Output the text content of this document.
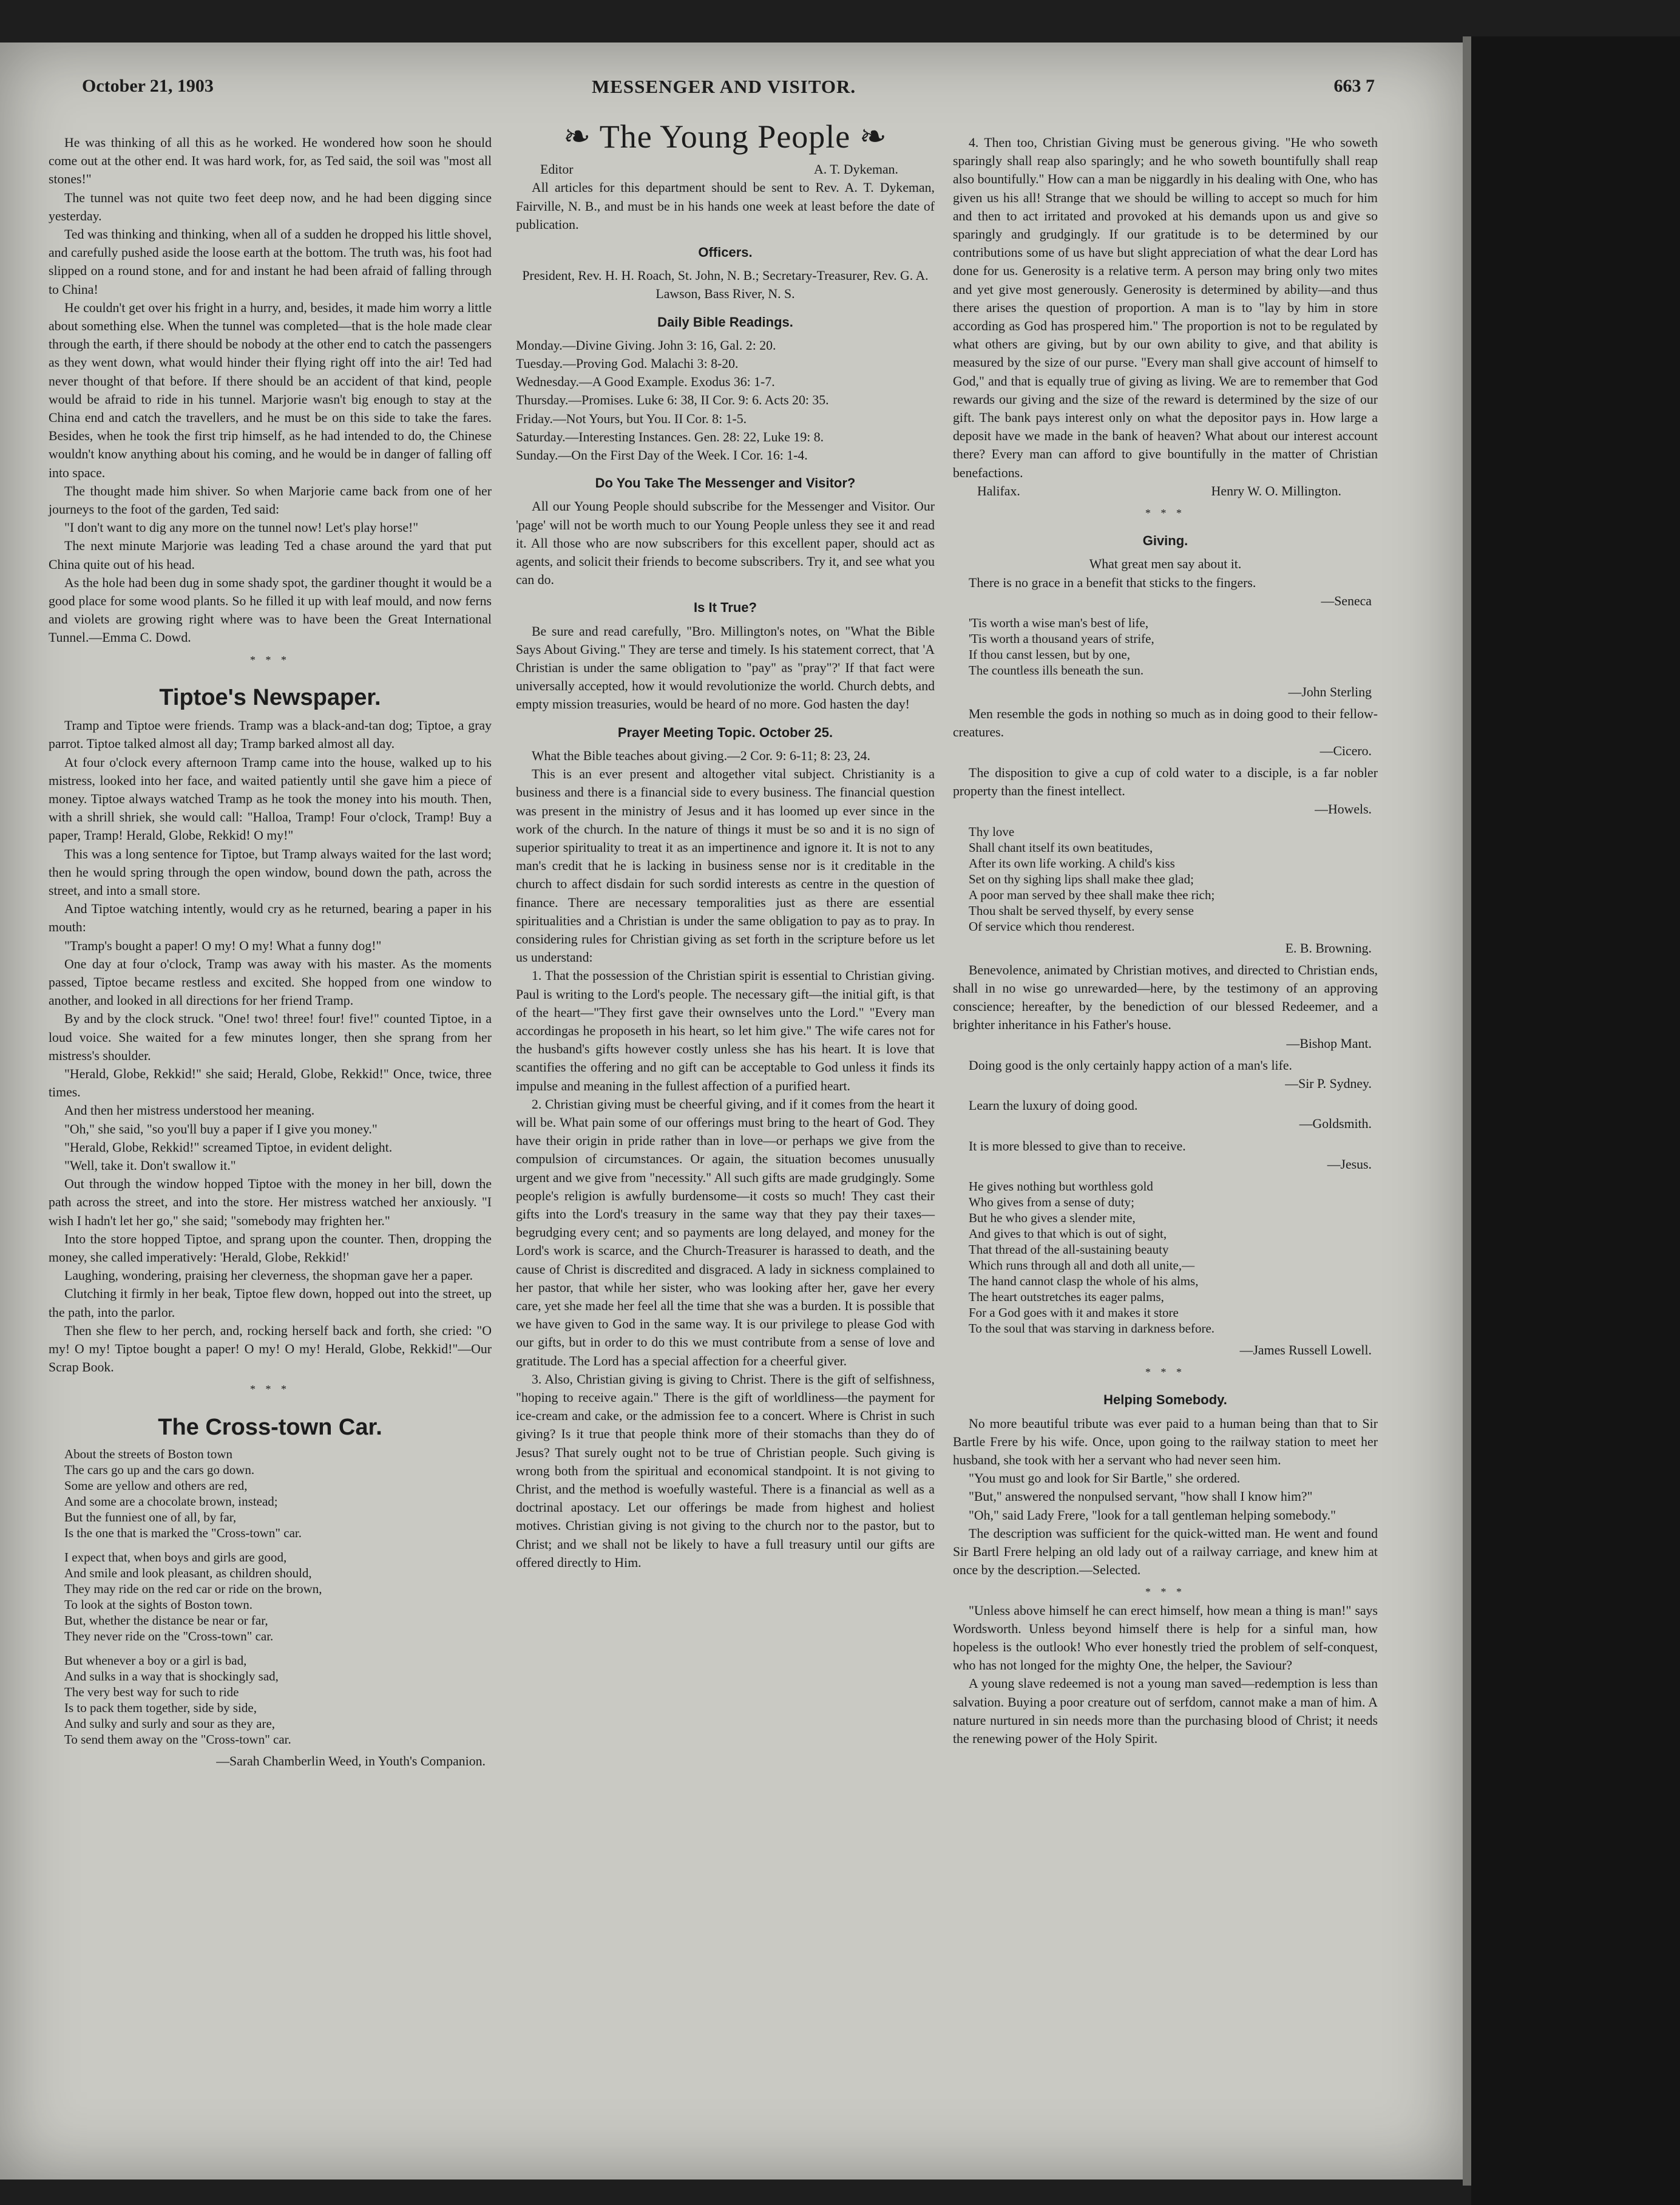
October 21, 1903	MESSENGER AND VISITOR.	663 7

He was thinking of all this as he worked. He wondered how soon he should come out at the other end. It was hard work, for, as Ted said, the soil was "most all stones!"

The tunnel was not quite two feet deep now, and he had been digging since yesterday.

Ted was thinking and thinking, when all of a sudden he dropped his little shovel, and carefully pushed aside the loose earth at the bottom. The truth was, his foot had slipped on a round stone, and for and instant he had been afraid of falling through to China!

He couldn't get over his fright in a hurry, and, besides, it made him worry a little about something else. When the tunnel was completed—that is the hole made clear through the earth, if there should be nobody at the other end to catch the passengers as they went down, what would hinder their flying right off into the air! Ted had never thought of that before. If there should be an accident of that kind, people would be afraid to ride in his tunnel. Marjorie wasn't big enough to stay at the China end and catch the travellers, and he must be on this side to take the fares. Besides, when he took the first trip himself, as he had intended to do, the Chinese wouldn't know anything about his coming, and he would be in danger of falling off into space.

The thought made him shiver. So when Marjorie came back from one of her journeys to the foot of the garden, Ted said:

"I don't want to dig any more on the tunnel now! Let's play horse!"

The next minute Marjorie was leading Ted a chase around the yard that put China quite out of his head.

As the hole had been dug in some shady spot, the gardiner thought it would be a good place for some wood plants. So he filled it up with leaf mould, and now ferns and violets are growing right where was to have been the Great International Tunnel.—Emma C. Dowd.

* * *
Tiptoe's Newspaper.

Tramp and Tiptoe were friends. Tramp was a black-and-tan dog; Tiptoe, a gray parrot. Tiptoe talked almost all day; Tramp barked almost all day.

At four o'clock every afternoon Tramp came into the house, walked up to his mistress, looked into her face, and waited patiently until she gave him a piece of money. Tiptoe always watched Tramp as he took the money into his mouth. Then, with a shrill shriek, she would call: "Halloa, Tramp! Four o'clock, Tramp! Buy a paper, Tramp! Herald, Globe, Rekkid! O my!"

This was a long sentence for Tiptoe, but Tramp always waited for the last word; then he would spring through the open window, bound down the path, across the street, and into a small store.

And Tiptoe watching intently, would cry as he returned, bearing a paper in his mouth:

"Tramp's bought a paper! O my! O my! What a funny dog!"

One day at four o'clock, Tramp was away with his master. As the moments passed, Tiptoe became restless and excited. She hopped from one window to another, and looked in all directions for her friend Tramp.

By and by the clock struck. "One! two! three! four! five!" counted Tiptoe, in a loud voice. She waited for a few minutes longer, then she sprang from her mistress's shoulder.

"Herald, Globe, Rekkid!" she said; Herald, Globe, Rekkid!" Once, twice, three times.

And then her mistress understood her meaning.

"Oh," she said, "so you'll buy a paper if I give you money."

"Herald, Globe, Rekkid!" screamed Tiptoe, in evident delight.

"Well, take it. Don't swallow it."

Out through the window hopped Tiptoe with the money in her bill, down the path across the street, and into the store. Her mistress watched her anxiously. "I wish I hadn't let her go," she said; "somebody may frighten her."

Into the store hopped Tiptoe, and sprang upon the counter. Then, dropping the money, she called imperatively: 'Herald, Globe, Rekkid!'

Laughing, wondering, praising her cleverness, the shopman gave her a paper.

Clutching it firmly in her beak, Tiptoe flew down, hopped out into the street, up the path, into the parlor.

Then she flew to her perch, and, rocking herself back and forth, she cried: "O my! O my! Tiptoe bought a paper! O my! O my! Herald, Globe, Rekkid!"—Our Scrap Book.

* * *
The Cross-town Car.
About the streets of Boston town
The cars go up and the cars go down.
Some are yellow and others are red,
And some are a chocolate brown, instead;
But the funniest one of all, by far,
Is the one that is marked the "Cross-town" car.
I expect that, when boys and girls are good,
And smile and look pleasant, as children should,
They may ride on the red car or ride on the brown,
To look at the sights of Boston town.
But, whether the distance be near or far,
They never ride on the "Cross-town" car.
But whenever a boy or a girl is bad,
And sulks in a way that is shockingly sad,
The very best way for such to ride
Is to pack them together, side by side,
And sulky and surly and sour as they are,
To send them away on the "Cross-town" car.
—Sarah Chamberlin Weed, in Youth's Companion.
❧ The Young People ❧
Editor	A. T. Dykeman.

All articles for this department should be sent to Rev. A. T. Dykeman, Fairville, N. B., and must be in his hands one week at least before the date of publication.

Officers.

President, Rev. H. H. Roach, St. John, N. B.; Secretary-Treasurer, Rev. G. A. Lawson, Bass River, N. S.

Daily Bible Readings.

Monday.—Divine Giving. John 3: 16, Gal. 2: 20.

Tuesday.—Proving God. Malachi 3: 8-20.

Wednesday.—A Good Example. Exodus 36: 1-7.

Thursday.—Promises. Luke 6: 38, II Cor. 9: 6. Acts 20: 35.

Friday.—Not Yours, but You. II Cor. 8: 1-5.

Saturday.—Interesting Instances. Gen. 28: 22, Luke 19: 8.

Sunday.—On the First Day of the Week. I Cor. 16: 1-4.

Do You Take The Messenger and Visitor?

All our Young People should subscribe for the Messenger and Visitor. Our 'page' will not be worth much to our Young People unless they see it and read it. All those who are now subscribers for this excellent paper, should act as agents, and solicit their friends to become subscribers. Try it, and see what you can do.

Is It True?

Be sure and read carefully, "Bro. Millington's notes, on "What the Bible Says About Giving." They are terse and timely. Is his statement correct, that 'A Christian is under the same obligation to "pay" as "pray"?' If that fact were universally accepted, how it would revolutionize the world. Church debts, and empty mission treasuries, would be heard of no more. God hasten the day!

Prayer Meeting Topic. October 25.

What the Bible teaches about giving.—2 Cor. 9: 6-11; 8: 23, 24.

This is an ever present and altogether vital subject. Christianity is a business and there is a financial side to every business. The financial question was present in the ministry of Jesus and it has loomed up ever since in the work of the church. In the nature of things it must be so and it is no sign of superior spirituality to treat it as an impertinence and ignore it. It is not to any man's credit that he is lacking in business sense nor is it creditable in the church to affect disdain for such sordid interests as centre in the question of finance. There are necessary temporalities just as there are essential spiritualities and a Christian is under the same obligation to pay as to pray. In considering rules for Christian giving as set forth in the scripture before us let us understand:

1. That the possession of the Christian spirit is essential to Christian giving. Paul is writing to the Lord's people. The necessary gift—the initial gift, is that of the heart—"They first gave their ownselves unto the Lord." "Every man accordingas he proposeth in his heart, so let him give." The wife cares not for the husband's gifts however costly unless she has his heart. It is love that scantifies the offering and no gift can be acceptable to God unless it finds its impulse and meaning in the fullest affection of a purified heart.

2. Christian giving must be cheerful giving, and if it comes from the heart it will be. What pain some of our offerings must bring to the heart of God. They have their origin in pride rather than in love—or perhaps we give from the compulsion of circumstances. Or again, the situation becomes unusually urgent and we give from "necessity." All such gifts are made grudgingly. Some people's religion is awfully burdensome—it costs so much! They cast their gifts into the Lord's treasury in the same way that they pay their taxes—begrudging every cent; and so payments are long delayed, and money for the Lord's work is scarce, and the Church-Treasurer is harassed to death, and the cause of Christ is discredited and disgraced. A lady in sickness complained to her pastor, that while her sister, who was looking after her, gave her every care, yet she made her feel all the time that she was a burden. It is possible that we have given to God in the same way. It is our privilege to please God with our gifts, but in order to do this we must contribute from a sense of love and gratitude. The Lord has a special affection for a cheerful giver.

3. Also, Christian giving is giving to Christ. There is the gift of selfishness, "hoping to receive again." There is the gift of worldliness—the payment for ice-cream and cake, or the admission fee to a concert. Where is Christ in such giving? Is it true that people think more of their stomachs than they do of Jesus? That surely ought not to be true of Christian people. Such giving is wrong both from the spiritual and economical standpoint. It is not giving to Christ, and the method is woefully wasteful. There is a financial as well as a doctrinal apostacy. Let our offerings be made from highest and holiest motives. Christian giving is not giving to the church nor to the pastor, but to Christ; and we shall not be likely to have a full treasury until our gifts are offered directly to Him.

4. Then too, Christian Giving must be generous giving. "He who soweth sparingly shall reap also sparingly; and he who soweth bountifully shall reap also bountifully." How can a man be niggardly in his dealing with One, who has given us his all! Strange that we should be willing to accept so much for him and then to act irritated and provoked at his demands upon us and give so sparingly and grudgingly. If our gratitude is to be determined by our contributions some of us have but slight appreciation of what the dear Lord has done for us. Generosity is a relative term. A person may bring only two mites and yet give most generously. Generosity is determined by ability—and thus there arises the question of proportion. A man is to "lay by him in store according as God has prospered him." The proportion is not to be regulated by what others are giving, but by our own ability to give, and that ability is measured by the size of our purse. "Every man shall give account of himself to God," and that is equally true of giving as living. We are to remember that God rewards our giving and the size of the reward is determined by the size of our gift. The bank pays interest only on what the depositor pays in. How large a deposit have we made in the bank of heaven? What about our interest account there? Every man can afford to give bountifully in the matter of Christian benefactions.

Halifax.	Henry W. O. Millington.
* * *
Giving.

What great men say about it.

There is no grace in a benefit that sticks to the fingers.

—Seneca
'Tis worth a wise man's best of life,
'Tis worth a thousand years of strife,
If thou canst lessen, but by one,
The countless ills beneath the sun.
—John Sterling

Men resemble the gods in nothing so much as in doing good to their fellow-creatures.

—Cicero.

The disposition to give a cup of cold water to a disciple, is a far nobler property than the finest intellect.

—Howels.
Thy love
Shall chant itself its own beatitudes,
After its own life working. A child's kiss
Set on thy sighing lips shall make thee glad;
A poor man served by thee shall make thee rich;
Thou shalt be served thyself, by every sense
Of service which thou renderest.
E. B. Browning.

Benevolence, animated by Christian motives, and directed to Christian ends, shall in no wise go unrewarded—here, by the testimony of an approving conscience; hereafter, by the benediction of our blessed Redeemer, and a brighter inheritance in his Father's house.

—Bishop Mant.

Doing good is the only certainly happy action of a man's life.

—Sir P. Sydney.

Learn the luxury of doing good.

—Goldsmith.

It is more blessed to give than to receive.

—Jesus.
He gives nothing but worthless gold
Who gives from a sense of duty;
But he who gives a slender mite,
And gives to that which is out of sight,
That thread of the all-sustaining beauty
Which runs through all and doth all unite,—
The hand cannot clasp the whole of his alms,
The heart outstretches its eager palms,
For a God goes with it and makes it store
To the soul that was starving in darkness before.
—James Russell Lowell.
* * *
Helping Somebody.

No more beautiful tribute was ever paid to a human being than that to Sir Bartle Frere by his wife. Once, upon going to the railway station to meet her husband, she took with her a servant who had never seen him.

"You must go and look for Sir Bartle," she ordered.

"But," answered the nonpulsed servant, "how shall I know him?"

"Oh," said Lady Frere, "look for a tall gentleman helping somebody."

The description was sufficient for the quick-witted man. He went and found Sir Bartl Frere helping an old lady out of a railway carriage, and knew him at once by the description.—Selected.

* * *

"Unless above himself he can erect himself, how mean a thing is man!" says Wordsworth. Unless beyond himself there is help for a sinful man, how hopeless is the outlook! Who ever honestly tried the problem of self-conquest, who has not longed for the mighty One, the helper, the Saviour?

A young slave redeemed is not a young man saved—redemption is less than salvation. Buying a poor creature out of serfdom, cannot make a man of him. A nature nurtured in sin needs more than the purchasing blood of Christ; it needs the renewing power of the Holy Spirit.
